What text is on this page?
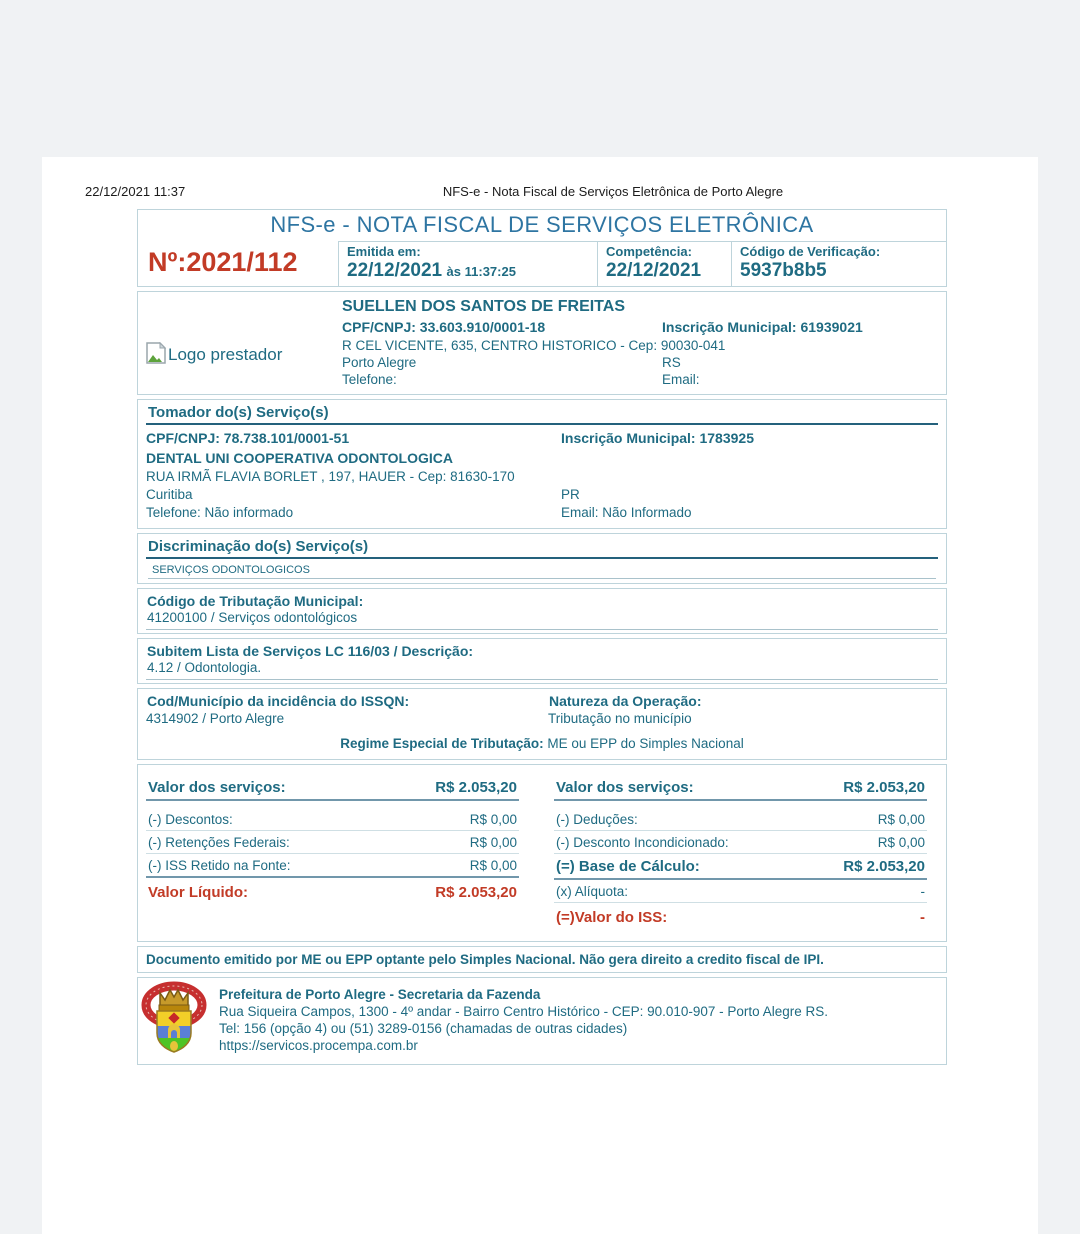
22/12/2021 11:37	NFS-e - Nota Fiscal de Serviços Eletrônica de Porto Alegre
NFS-e - NOTA FISCAL DE SERVIÇOS ELETRÔNICA
Nº:2021/112	Emitida em:
22/12/2021 às 11:37:25
Competência:
22/12/2021
Código de Verificação:
5937b8b5
Logo prestador
SUELLEN DOS SANTOS DE FREITAS
CPF/CNPJ: 33.603.910/0001-18	Inscrição Municipal: 61939021
R CEL VICENTE, 635, CENTRO HISTORICO - Cep: 90030-041
Porto Alegre	RS
Telefone:	Email:
Tomador do(s) Serviço(s)
CPF/CNPJ: 78.738.101/0001-51	Inscrição Municipal: 1783925
DENTAL UNI COOPERATIVA ODONTOLOGICA
RUA IRMÃ FLAVIA BORLET , 197, HAUER - Cep: 81630-170
Curitiba	PR
Telefone: Não informado	Email: Não Informado
Discriminação do(s) Serviço(s)
SERVIÇOS ODONTOLOGICOS
Código de Tributação Municipal:
41200100 / Serviços odontológicos
Subitem Lista de Serviços LC 116/03 / Descrição:
4.12 / Odontologia.
Cod/Município da incidência do ISSQN:	Natureza da Operação:
4314902 / Porto Alegre	Tributação no município
Regime Especial de Tributação: ME ou EPP do Simples Nacional
Valor dos serviços:	R$ 2.053,20
(-) Descontos:	R$ 0,00
(-) Retenções Federais:	R$ 0,00
(-) ISS Retido na Fonte:	R$ 0,00
Valor Líquido:	R$ 2.053,20
Valor dos serviços:	R$ 2.053,20
(-) Deduções:	R$ 0,00
(-) Desconto Incondicionado:	R$ 0,00
(=) Base de Cálculo:	R$ 2.053,20
(x) Alíquota:	-
(=)Valor do ISS:	-
Documento emitido por ME ou EPP optante pelo Simples Nacional. Não gera direito a credito fiscal de IPI.
Prefeitura de Porto Alegre - Secretaria da Fazenda
Rua Siqueira Campos, 1300 - 4º andar - Bairro Centro Histórico - CEP: 90.010-907 - Porto Alegre RS.
Tel: 156 (opção 4) ou (51) 3289-0156 (chamadas de outras cidades)
https://servicos.procempa.com.br
